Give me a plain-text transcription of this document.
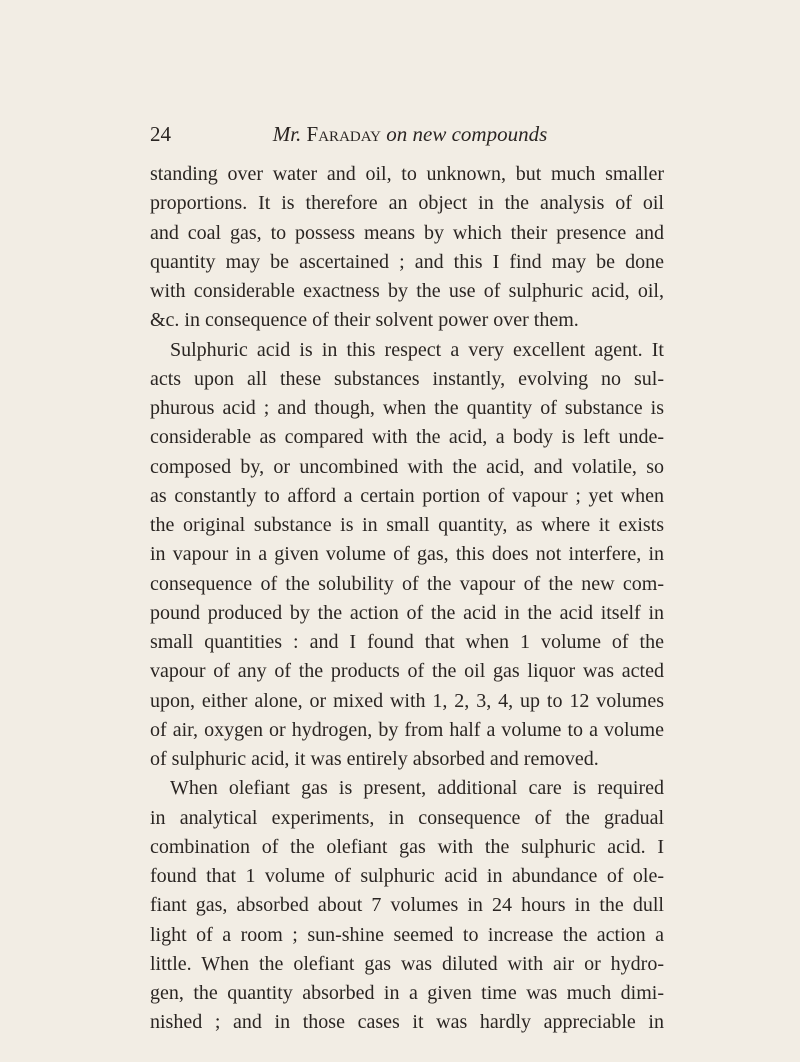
24	Mr. Faraday on new compounds
standing over water and oil, to unknown, but much smaller
proportions. It is therefore an object in the analysis of oil
and coal gas, to possess means by which their presence and
quantity may be ascertained ; and this I find may be done
with considerable exactness by the use of sulphuric acid, oil,
&c. in consequence of their solvent power over them.
Sulphuric acid is in this respect a very excellent agent. It
acts upon all these substances instantly, evolving no sul-
phurous acid ; and though, when the quantity of substance is
considerable as compared with the acid, a body is left unde-
composed by, or uncombined with the acid, and volatile, so
as constantly to afford a certain portion of vapour ; yet when
the original substance is in small quantity, as where it exists
in vapour in a given volume of gas, this does not interfere, in
consequence of the solubility of the vapour of the new com-
pound produced by the action of the acid in the acid itself in
small quantities : and I found that when 1 volume of the
vapour of any of the products of the oil gas liquor was acted
upon, either alone, or mixed with 1, 2, 3, 4, up to 12 volumes
of air, oxygen or hydrogen, by from half a volume to a volume
of sulphuric acid, it was entirely absorbed and removed.
When olefiant gas is present, additional care is required
in analytical experiments, in consequence of the gradual
combination of the olefiant gas with the sulphuric acid. I
found that 1 volume of sulphuric acid in abundance of ole-
fiant gas, absorbed about 7 volumes in 24 hours in the dull
light of a room ; sun-shine seemed to increase the action a
little. When the olefiant gas was diluted with air or hydro-
gen, the quantity absorbed in a given time was much dimi-
nished ; and in those cases it was hardly appreciable in
